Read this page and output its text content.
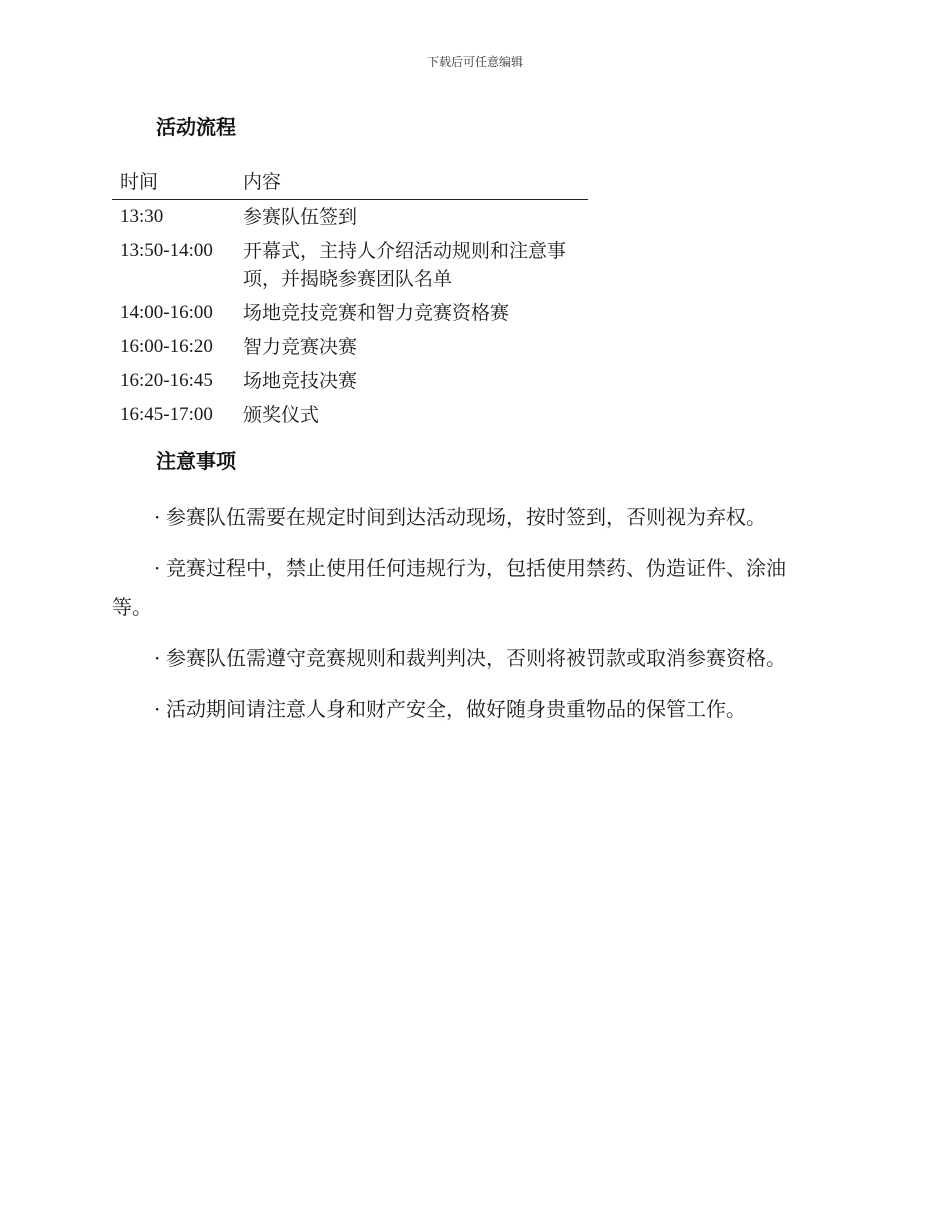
下载后可任意编辑
活动流程
时间	内容
13:30	参赛队伍签到
13:50-14:00	开幕式，主持人介绍活动规则和注意事项，并揭晓参赛团队名单
14:00-16:00	场地竞技竞赛和智力竞赛资格赛
16:00-16:20	智力竞赛决赛
16:20-16:45	场地竞技决赛
16:45-17:00	颁奖仪式
注意事项

· 参赛队伍需要在规定时间到达活动现场，按时签到，否则视为弃权。

· 竞赛过程中，禁止使用任何违规行为，包括使用禁药、伪造证件、涂油等。

· 参赛队伍需遵守竞赛规则和裁判判决，否则将被罚款或取消参赛资格。

· 活动期间请注意人身和财产安全，做好随身贵重物品的保管工作。
